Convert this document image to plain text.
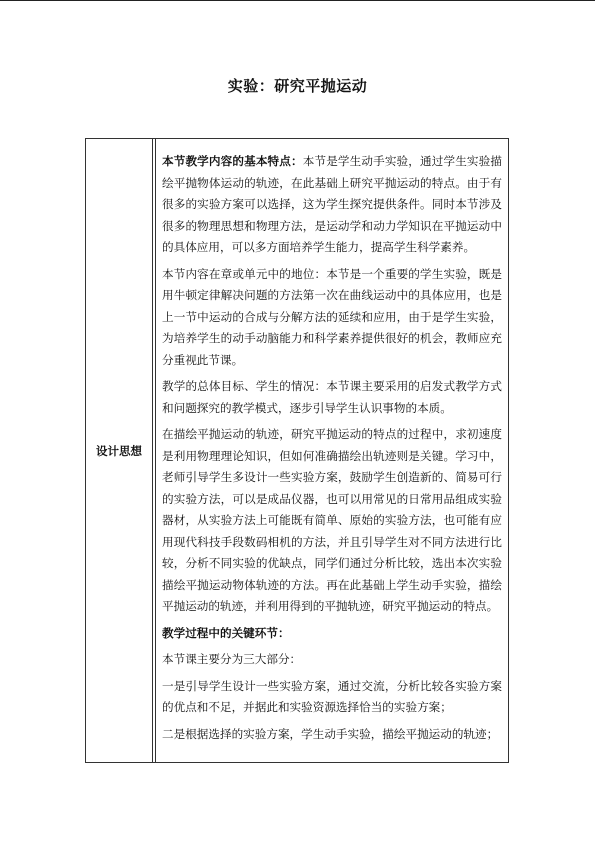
实验：研究平抛运动
设计思想

本节教学内容的基本特点：本节是学生动手实验，通过学生实验描绘平抛物体运动的轨迹，在此基础上研究平抛运动的特点。由于有很多的实验方案可以选择，这为学生探究提供条件。同时本节涉及很多的物理思想和物理方法，是运动学和动力学知识在平抛运动中的具体应用，可以多方面培养学生能力，提高学生科学素养。

本节内容在章或单元中的地位：本节是一个重要的学生实验，既是用牛顿定律解决问题的方法第一次在曲线运动中的具体应用，也是上一节中运动的合成与分解方法的延续和应用，由于是学生实验，为培养学生的动手动脑能力和科学素养提供很好的机会，教师应充分重视此节课。

教学的总体目标、学生的情况：本节课主要采用的启发式教学方式和问题探究的教学模式，逐步引导学生认识事物的本质。

在描绘平抛运动的轨迹，研究平抛运动的特点的过程中，求初速度是利用物理理论知识，但如何准确描绘出轨迹则是关键。学习中，老师引导学生多设计一些实验方案，鼓励学生创造新的、简易可行的实验方法，可以是成品仪器，也可以用常见的日常用品组成实验器材，从实验方法上可能既有简单、原始的实验方法，也可能有应用现代科技手段数码相机的方法，并且引导学生对不同方法进行比较，分析不同实验的优缺点，同学们通过分析比较，选出本次实验描绘平抛运动物体轨迹的方法。再在此基础上学生动手实验，描绘平抛运动的轨迹，并利用得到的平抛轨迹，研究平抛运动的特点。

教学过程中的关键环节：

本节课主要分为三大部分：

一是引导学生设计一些实验方案，通过交流，分析比较各实验方案的优点和不足，并据此和实验资源选择恰当的实验方案；

二是根据选择的实验方案，学生动手实验，描绘平抛运动的轨迹；
